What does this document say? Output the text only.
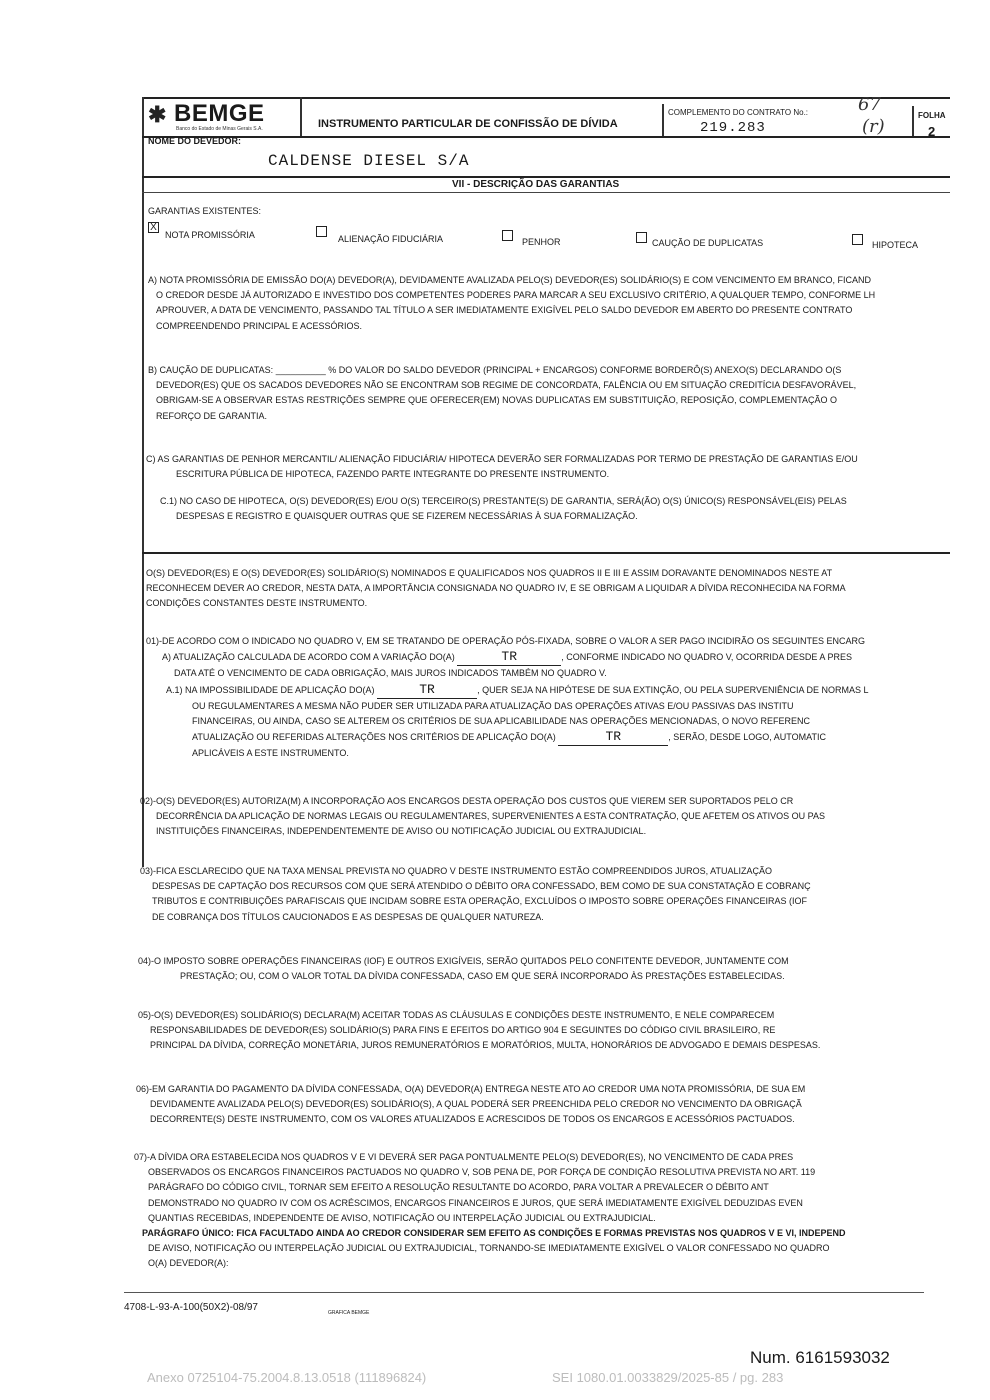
✱ BEMGE
Banco do Estado de Minas Gerais S.A.	INSTRUMENTO PARTICULAR DE CONFISSÃO DE DÍVIDA
COMPLEMENTO DO CONTRATO No.:
219.283
67
(r)
FOLHA
2
NOME DO DEVEDOR:
CALDENSE DIESEL S/A
VII - DESCRIÇÃO DAS GARANTIAS
GARANTIAS EXISTENTES:
X
NOTA PROMISSÓRIA	ALIENAÇÃO FIDUCIÁRIA	PENHOR	CAUÇÃO DE DUPLICATAS	HIPOTECA
A) NOTA PROMISSÓRIA DE EMISSÃO DO(A) DEVEDOR(A), DEVIDAMENTE AVALIZADA PELO(S) DEVEDOR(ES) SOLIDÁRIO(S) E COM VENCIMENTO EM BRANCO, FICAND
O CREDOR DESDE JÁ AUTORIZADO E INVESTIDO DOS COMPETENTES PODERES PARA MARCAR A SEU EXCLUSIVO CRITÉRIO, A QUALQUER TEMPO, CONFORME LH
APROUVER, A DATA DE VENCIMENTO, PASSANDO TAL TÍTULO A SER IMEDIATAMENTE EXIGÍVEL PELO SALDO DEVEDOR EM ABERTO DO PRESENTE CONTRATO
COMPREENDENDO PRINCIPAL E ACESSÓRIOS.
B) CAUÇÃO DE DUPLICATAS: __________ % DO VALOR DO SALDO DEVEDOR (PRINCIPAL + ENCARGOS) CONFORME BORDERÔ(S) ANEXO(S) DECLARANDO O(S
DEVEDOR(ES) QUE OS SACADOS DEVEDORES NÃO SE ENCONTRAM SOB REGIME DE CONCORDATA, FALÊNCIA OU EM SITUAÇÃO CREDITÍCIA DESFAVORÁVEL,
OBRIGAM-SE A OBSERVAR ESTAS RESTRIÇÕES SEMPRE QUE OFERECER(EM) NOVAS DUPLICATAS EM SUBSTITUIÇÃO, REPOSIÇÃO, COMPLEMENTAÇÃO O
REFORÇO DE GARANTIA.
C) AS GARANTIAS DE PENHOR MERCANTIL/ ALIENAÇÃO FIDUCIÁRIA/ HIPOTECA DEVERÃO SER FORMALIZADAS POR TERMO DE PRESTAÇÃO DE GARANTIAS E/OU
ESCRITURA PÚBLICA DE HIPOTECA, FAZENDO PARTE INTEGRANTE DO PRESENTE INSTRUMENTO.
C.1) NO CASO DE HIPOTECA, O(S) DEVEDOR(ES) E/OU O(S) TERCEIRO(S) PRESTANTE(S) DE GARANTIA, SERÁ(ÃO) O(S) ÚNICO(S) RESPONSÁVEL(EIS) PELAS
DESPESAS E REGISTRO E QUAISQUER OUTRAS QUE SE FIZEREM NECESSÁRIAS À SUA FORMALIZAÇÃO.
O(S) DEVEDOR(ES) E O(S) DEVEDOR(ES) SOLIDÁRIO(S) NOMINADOS E QUALIFICADOS NOS QUADROS II E III E ASSIM DORAVANTE DENOMINADOS NESTE AT
RECONHECEM DEVER AO CREDOR, NESTA DATA, A IMPORTÂNCIA CONSIGNADA NO QUADRO IV, E SE OBRIGAM A LIQUIDAR A DÍVIDA RECONHECIDA NA FORMA
CONDIÇÕES CONSTANTES DESTE INSTRUMENTO.
01)-DE ACORDO COM O INDICADO NO QUADRO V, EM SE TRATANDO DE OPERAÇÃO PÓS-FIXADA, SOBRE O VALOR A SER PAGO INCIDIRÃO OS SEGUINTES ENCARG
A) ATUALIZAÇÃO CALCULADA DE ACORDO COM A VARIAÇÃO DO(A)	TR	, CONFORME INDICADO NO QUADRO V, OCORRIDA DESDE A PRES
DATA ATÉ O VENCIMENTO DE CADA OBRIGAÇÃO, MAIS JUROS INDICADOS TAMBÉM NO QUADRO V.
A.1) NA IMPOSSIBILIDADE DE APLICAÇÃO DO(A)	TR	, QUER SEJA NA HIPÓTESE DE SUA EXTINÇÃO, OU PELA SUPERVENIÊNCIA DE NORMAS L
OU REGULAMENTARES A MESMA NÃO PUDER SER UTILIZADA PARA ATUALIZAÇÃO DAS OPERAÇÕES ATIVAS E/OU PASSIVAS DAS INSTITU
FINANCEIRAS, OU AINDA, CASO SE ALTEREM OS CRITÉRIOS DE SUA APLICABILIDADE NAS OPERAÇÕES MENCIONADAS, O NOVO REFERENC
ATUALIZAÇÃO OU REFERIDAS ALTERAÇÕES NOS CRITÉRIOS DE APLICAÇÃO DO(A)	TR	, SERÃO, DESDE LOGO, AUTOMATIC
APLICÁVEIS A ESTE INSTRUMENTO.
02)-O(S) DEVEDOR(ES) AUTORIZA(M) A INCORPORAÇÃO AOS ENCARGOS DESTA OPERAÇÃO DOS CUSTOS QUE VIEREM SER SUPORTADOS PELO CR
DECORRÊNCIA DA APLICAÇÃO DE NORMAS LEGAIS OU REGULAMENTARES, SUPERVENIENTES A ESTA CONTRATAÇÃO, QUE AFETEM OS ATIVOS OU PAS
INSTITUIÇÕES FINANCEIRAS, INDEPENDENTEMENTE DE AVISO OU NOTIFICAÇÃO JUDICIAL OU EXTRAJUDICIAL.
03)-FICA ESCLARECIDO QUE NA TAXA MENSAL PREVISTA NO QUADRO V DESTE INSTRUMENTO ESTÃO COMPREENDIDOS JUROS, ATUALIZAÇÃO
DESPESAS DE CAPTAÇÃO DOS RECURSOS COM QUE SERÁ ATENDIDO O DÉBITO ORA CONFESSADO, BEM COMO DE SUA CONSTATAÇÃO E COBRANÇ
TRIBUTOS E CONTRIBUIÇÕES PARAFISCAIS QUE INCIDAM SOBRE ESTA OPERAÇÃO, EXCLUÍDOS O IMPOSTO SOBRE OPERAÇÕES FINANCEIRAS (IOF
DE COBRANÇA DOS TÍTULOS CAUCIONADOS E AS DESPESAS DE QUALQUER NATUREZA.
04)-O IMPOSTO SOBRE OPERAÇÕES FINANCEIRAS (IOF) E OUTROS EXIGÍVEIS, SERÃO QUITADOS PELO CONFITENTE DEVEDOR, JUNTAMENTE COM
PRESTAÇÃO; OU, COM O VALOR TOTAL DA DÍVIDA CONFESSADA, CASO EM QUE SERÁ INCORPORADO ÀS PRESTAÇÕES ESTABELECIDAS.
05)-O(S) DEVEDOR(ES) SOLIDÁRIO(S) DECLARA(M) ACEITAR TODAS AS CLÁUSULAS E CONDIÇÕES DESTE INSTRUMENTO, E NELE COMPARECEM
RESPONSABILIDADES DE DEVEDOR(ES) SOLIDÁRIO(S) PARA FINS E EFEITOS DO ARTIGO 904 E SEGUINTES DO CÓDIGO CIVIL BRASILEIRO, RE
PRINCIPAL DA DÍVIDA, CORREÇÃO MONETÁRIA, JUROS REMUNERATÓRIOS E MORATÓRIOS, MULTA, HONORÁRIOS DE ADVOGADO E DEMAIS DESPESAS.
06)-EM GARANTIA DO PAGAMENTO DA DÍVIDA CONFESSADA, O(A) DEVEDOR(A) ENTREGA NESTE ATO AO CREDOR UMA NOTA PROMISSÓRIA, DE SUA EM
DEVIDAMENTE AVALIZADA PELO(S) DEVEDOR(ES) SOLIDÁRIO(S), A QUAL PODERÁ SER PREENCHIDA PELO CREDOR NO VENCIMENTO DA OBRIGAÇÃ
DECORRENTE(S) DESTE INSTRUMENTO, COM OS VALORES ATUALIZADOS E ACRESCIDOS DE TODOS OS ENCARGOS E ACESSÓRIOS PACTUADOS.
07)-A DÍVIDA ORA ESTABELECIDA NOS QUADROS V E VI DEVERÁ SER PAGA PONTUALMENTE PELO(S) DEVEDOR(ES), NO VENCIMENTO DE CADA PRES
OBSERVADOS OS ENCARGOS FINANCEIROS PACTUADOS NO QUADRO V, SOB PENA DE, POR FORÇA DE CONDIÇÃO RESOLUTIVA PREVISTA NO ART. 119
PARÁGRAFO DO CÓDIGO CIVIL, TORNAR SEM EFEITO A RESOLUÇÃO RESULTANTE DO ACORDO, PARA VOLTAR A PREVALECER O DÉBITO ANT
DEMONSTRADO NO QUADRO IV COM OS ACRÉSCIMOS, ENCARGOS FINANCEIROS E JUROS, QUE SERÁ IMEDIATAMENTE EXIGÍVEL DEDUZIDAS EVEN
QUANTIAS RECEBIDAS, INDEPENDENTE DE AVISO, NOTIFICAÇÃO OU INTERPELAÇÃO JUDICIAL OU EXTRAJUDICIAL.
PARÁGRAFO ÚNICO: FICA FACULTADO AINDA AO CREDOR CONSIDERAR SEM EFEITO AS CONDIÇÕES E FORMAS PREVISTAS NOS QUADROS V E VI, INDEPEND
DE AVISO, NOTIFICAÇÃO OU INTERPELAÇÃO JUDICIAL OU EXTRAJUDICIAL, TORNANDO-SE IMEDIATAMENTE EXIGÍVEL O VALOR CONFESSADO NO QUADRO
O(A) DEVEDOR(A):
4708-L-93-A-100(50X2)-08/97	GRAFICA BEMGE
Num. 6161593032
Anexo 0725104-75.2004.8.13.0518 (111896824)	SEI 1080.01.0033829/2025-85 / pg. 283
